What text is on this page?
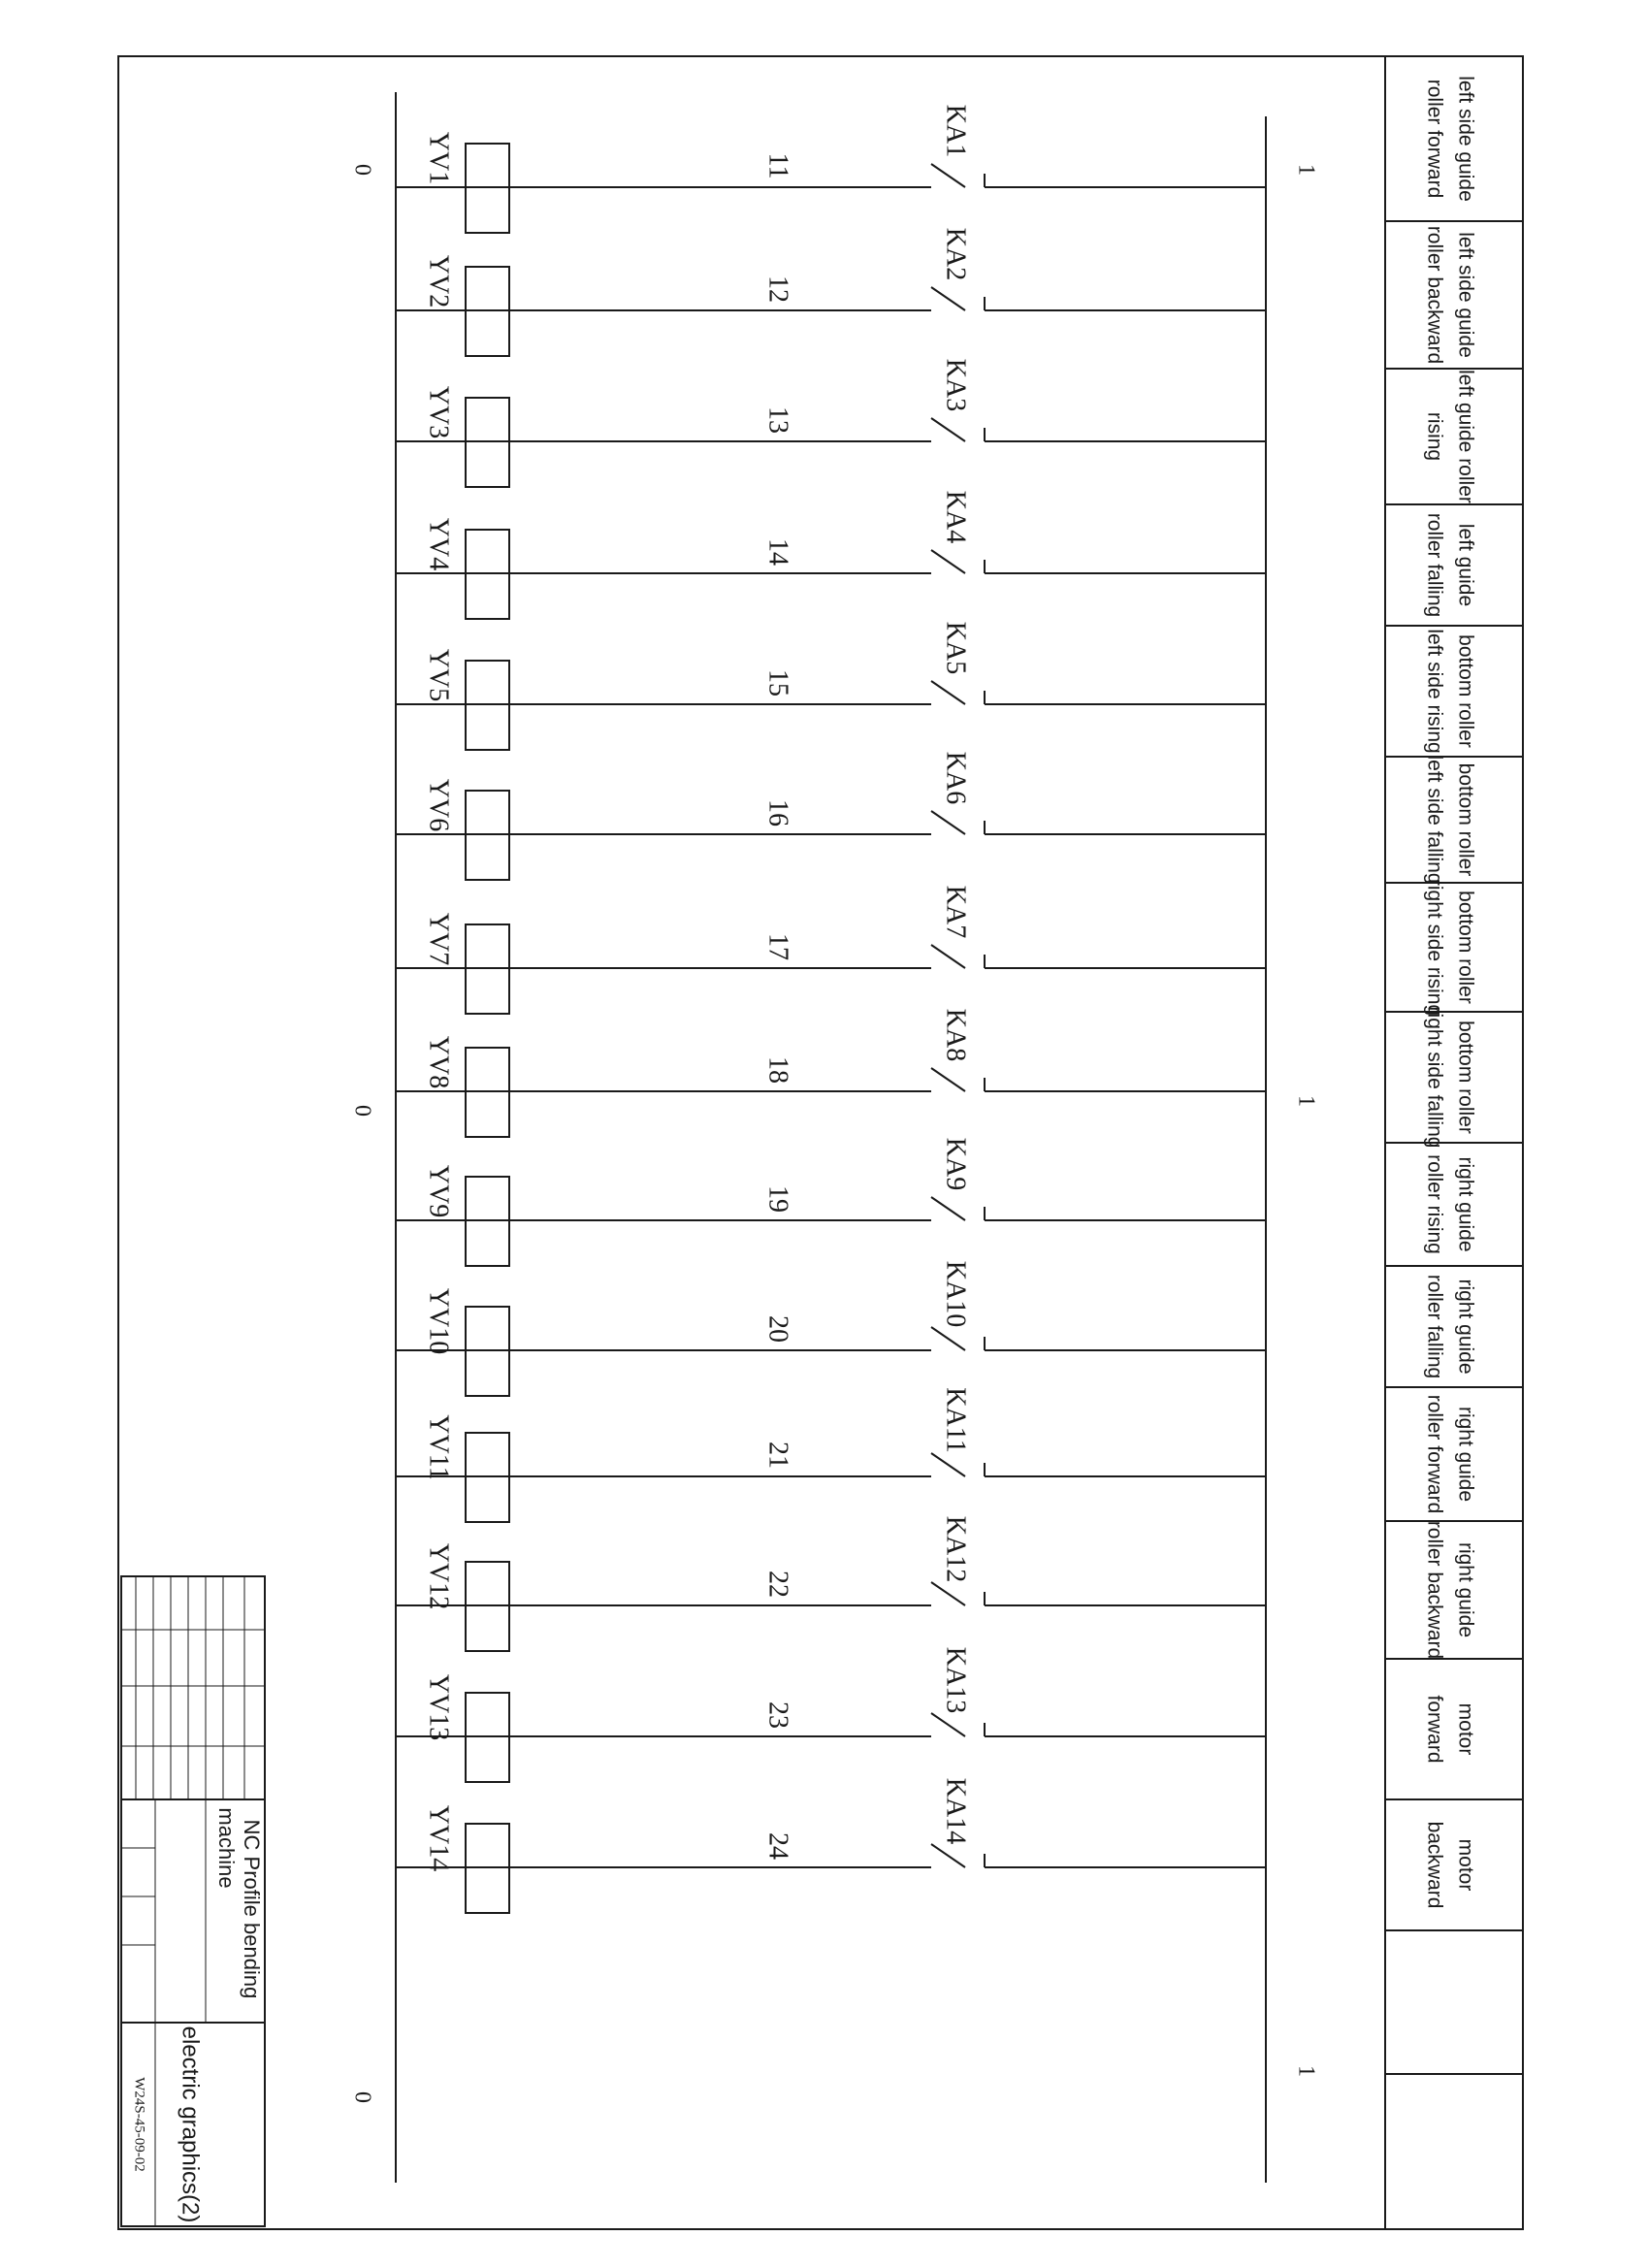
1
1
1
0
0
0
KA1
11
YV1	left side guide
roller forward
KA2
12
YV2	left side guide
roller backward
KA3
13
YV3	left guide roller
rising
KA4
14
YV4	left guide
roller falling
KA5
15
YV5	bottom roller
left side rising
KA6
16
YV6	bottom roller
left side falling
KA7
17
YV7	bottom roller
right side rising
KA8
18
YV8	bottom roller
right side falling
KA9
19
YV9	right guide
roller rising
KA10
20
YV10	right guide
roller falling
KA11
21
YV11	right guide
roller forward
KA12
22
YV12	right guide
roller backward
KA13
23
YV13	motor
forward
KA14
24
YV14	motor
backward
NC Profile bending
machine
electric graphics(2)
W24S-45-09-02
